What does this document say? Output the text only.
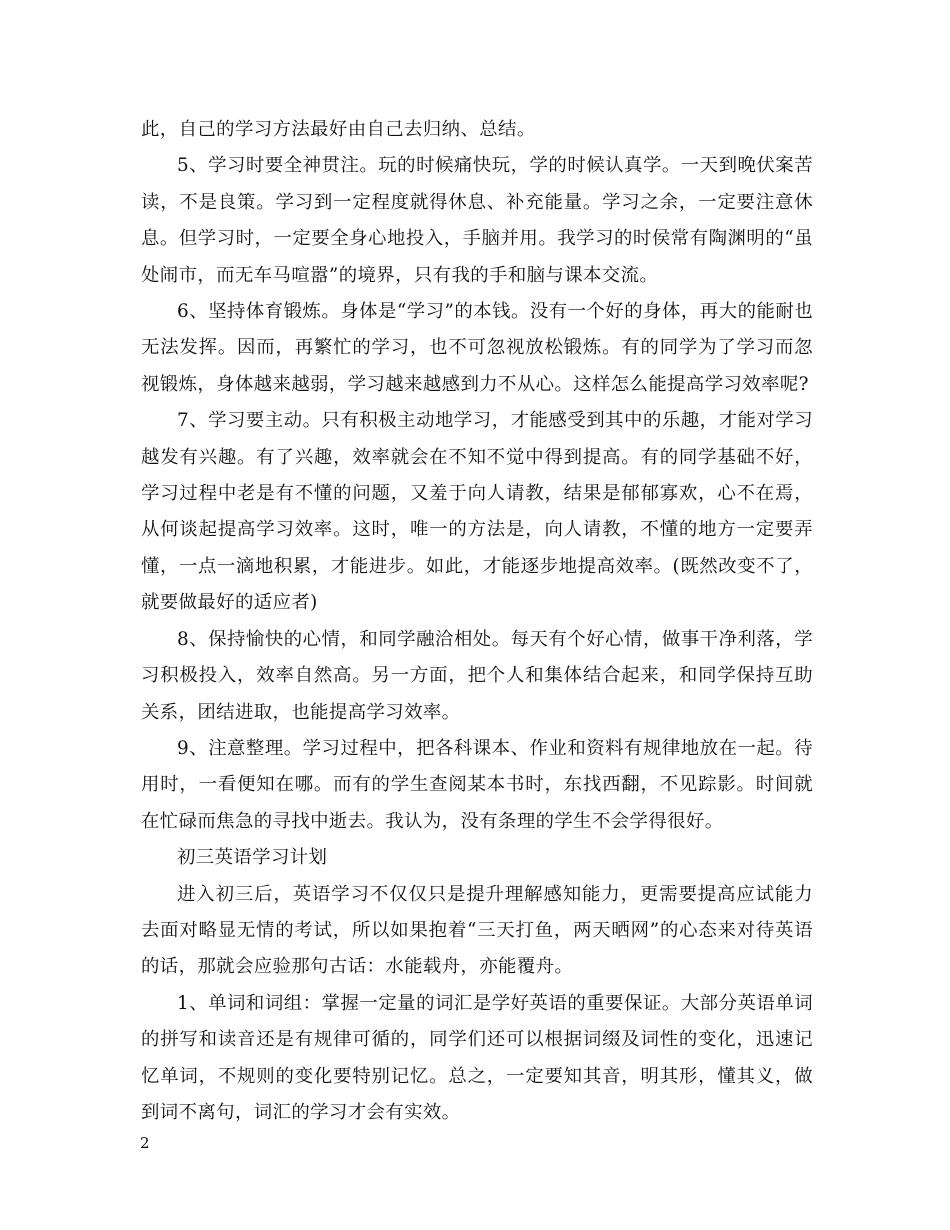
此，自己的学习方法最好由自己去归纳、总结。

5、学习时要全神贯注。玩的时候痛快玩，学的时候认真学。一天到晚伏案苦读，不是良策。学习到一定程度就得休息、补充能量。学习之余，一定要注意休息。但学习时，一定要全身心地投入，手脑并用。我学习的时侯常有陶渊明的“虽处闹市，而无车马喧嚣”的境界，只有我的手和脑与课本交流。

6、坚持体育锻炼。身体是“学习”的本钱。没有一个好的身体，再大的能耐也无法发挥。因而，再繁忙的学习，也不可忽视放松锻炼。有的同学为了学习而忽视锻炼，身体越来越弱，学习越来越感到力不从心。这样怎么能提高学习效率呢?

7、学习要主动。只有积极主动地学习，才能感受到其中的乐趣，才能对学习越发有兴趣。有了兴趣，效率就会在不知不觉中得到提高。有的同学基础不好，学习过程中老是有不懂的问题，又羞于向人请教，结果是郁郁寡欢，心不在焉，从何谈起提高学习效率。这时，唯一的方法是，向人请教，不懂的地方一定要弄懂，一点一滴地积累，才能进步。如此，才能逐步地提高效率。(既然改变不了，就要做最好的适应者)

8、保持愉快的心情，和同学融洽相处。每天有个好心情，做事干净利落，学习积极投入，效率自然高。另一方面，把个人和集体结合起来，和同学保持互助关系，团结进取，也能提高学习效率。

9、注意整理。学习过程中，把各科课本、作业和资料有规律地放在一起。待用时，一看便知在哪。而有的学生查阅某本书时，东找西翻，不见踪影。时间就在忙碌而焦急的寻找中逝去。我认为，没有条理的学生不会学得很好。

初三英语学习计划

进入初三后，英语学习不仅仅只是提升理解感知能力，更需要提高应试能力去面对略显无情的考试，所以如果抱着“三天打鱼，两天晒网”的心态来对待英语的话，那就会应验那句古话：水能载舟，亦能覆舟。

1、单词和词组：掌握一定量的词汇是学好英语的重要保证。大部分英语单词的拼写和读音还是有规律可循的，同学们还可以根据词缀及词性的变化，迅速记忆单词，不规则的变化要特别记忆。总之，一定要知其音，明其形，懂其义，做到词不离句，词汇的学习才会有实效。

2
